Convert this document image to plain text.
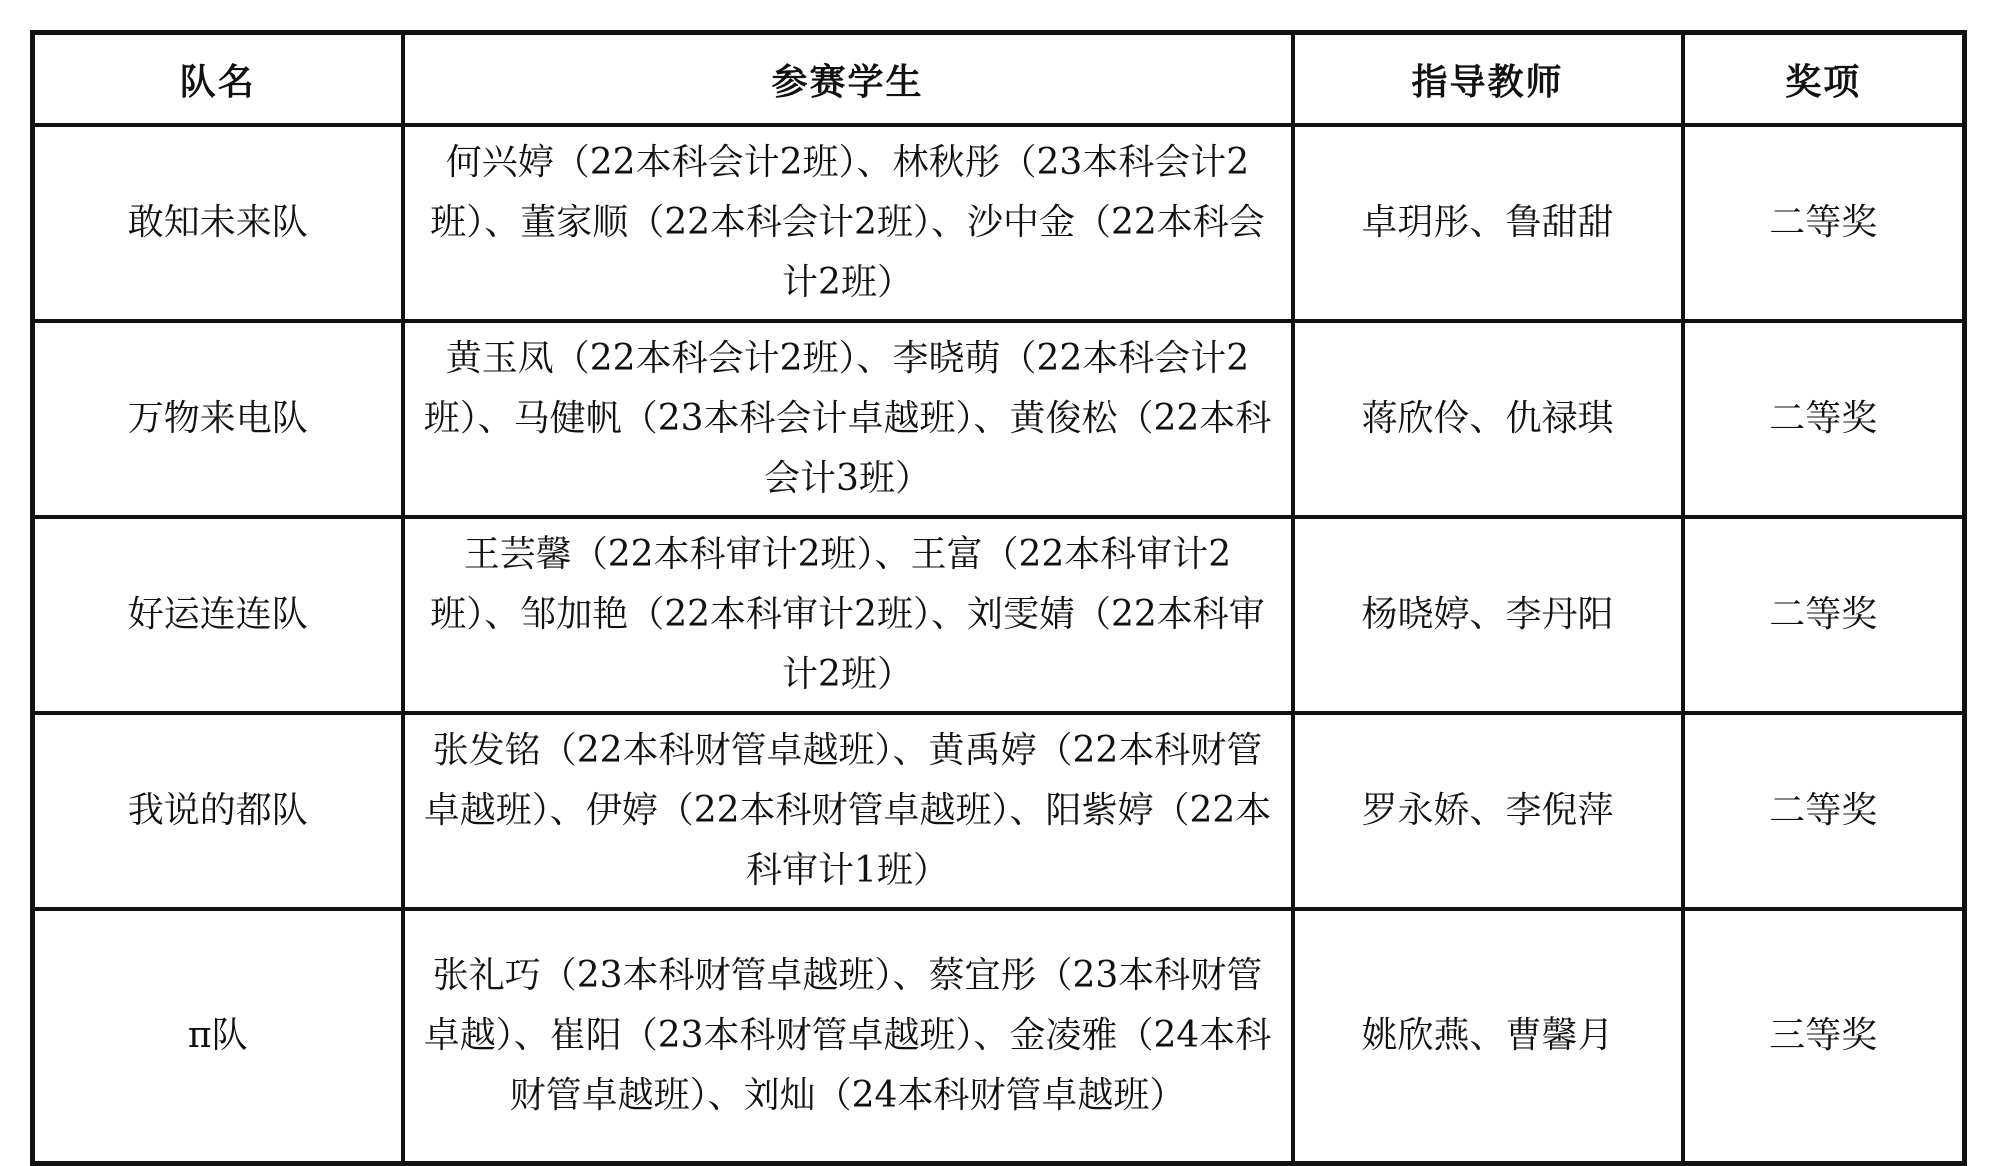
队名	参赛学生	指导教师	奖项
敢知未来队	何兴婷（22本科会计2班）、林秋彤（23本科会计2班）、董家顺（22本科会计2班）、沙中金（22本科会计2班）	卓玥彤、鲁甜甜	二等奖
万物来电队	黄玉凤（22本科会计2班）、李晓萌（22本科会计2班）、马健帆（23本科会计卓越班）、黄俊松（22本科会计3班）	蒋欣伶、仇禄琪	二等奖
好运连连队	王芸馨（22本科审计2班）、王富（22本科审计2班）、邹加艳（22本科审计2班）、刘雯婧（22本科审计2班）	杨晓婷、李丹阳	二等奖
我说的都队	张发铭（22本科财管卓越班）、黄禹婷（22本科财管卓越班）、伊婷（22本科财管卓越班）、阳紫婷（22本科审计1班）	罗永娇、李倪萍	二等奖
π队	张礼巧（23本科财管卓越班）、蔡宜彤（23本科财管卓越）、崔阳（23本科财管卓越班）、金凌雅（24本科财管卓越班）、刘灿（24本科财管卓越班）	姚欣燕、曹馨月	三等奖
